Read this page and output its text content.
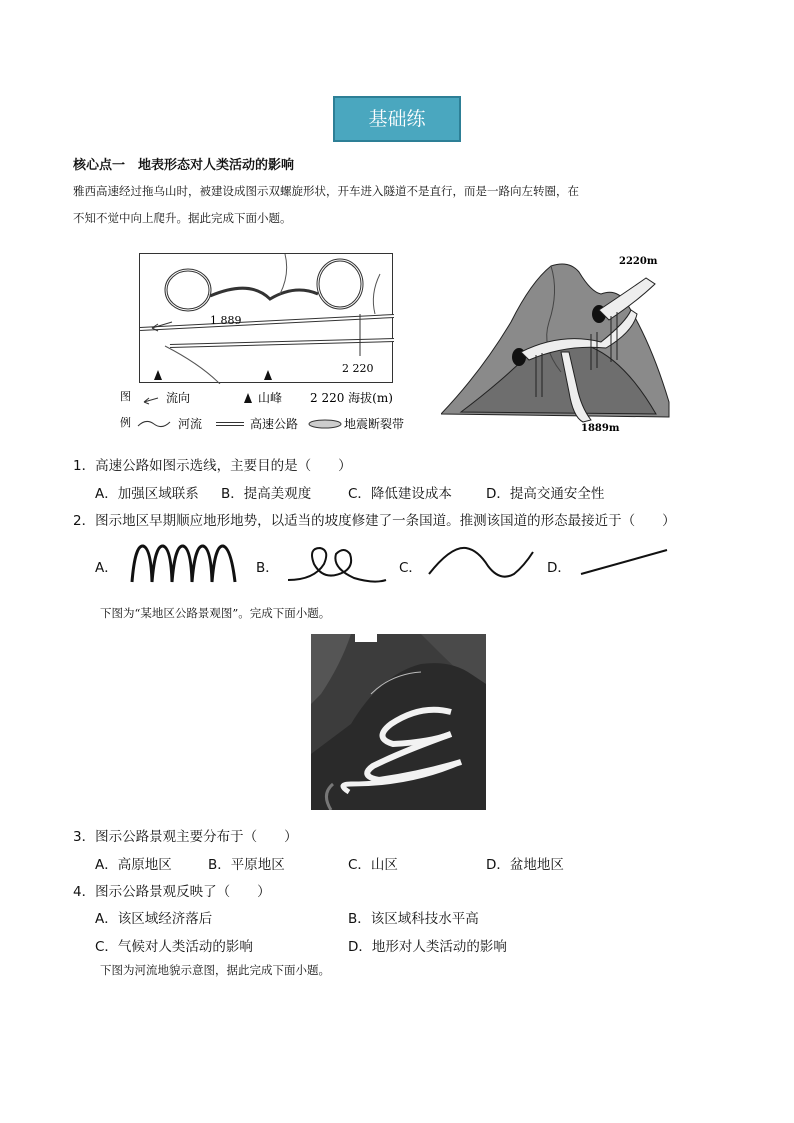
基础练
核心点一　地表形态对人类活动的影响
雅西高速经过拖乌山时，被建设成图示双螺旋形状，开车进入隧道不是直行，而是一路向左转圈，在
不知不觉中向上爬升。据此完成下面小题。
1 889
2 220
图
例
流向	山峰 2 220 海拔(m)
河流	高速公路	地震断裂带
2220m
1889m
1．高速公路如图示选线，主要目的是（　　）
A．加强区域联系 B．提高美观度	C．降低建设成本	D．提高交通安全性
2．图示地区早期顺应地形地势，以适当的坡度修建了一条国道。推测该国道的形态最接近于（　　）
A．	B．	C．	D．
下图为“某地区公路景观图”。完成下面小题。
3．图示公路景观主要分布于（　　）
A．高原地区	B．平原地区	C．山区	D．盆地地区
4．图示公路景观反映了（　　）
A．该区域经济落后	B．该区域科技水平高
C．气候对人类活动的影响	D．地形对人类活动的影响
下图为河流地貌示意图，据此完成下面小题。
